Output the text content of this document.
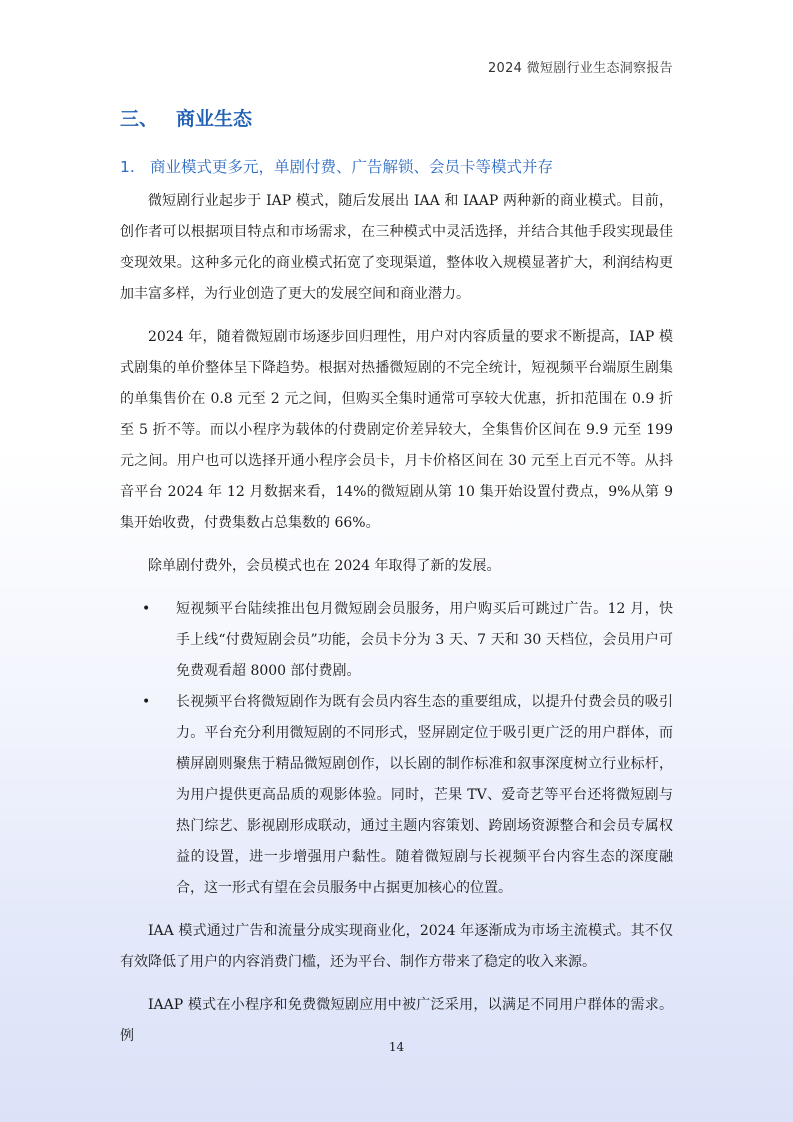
2024 微短剧行业生态洞察报告
三、 商业生态
1. 商业模式更多元，单剧付费、广告解锁、会员卡等模式并存

微短剧行业起步于 IAP 模式，随后发展出 IAA 和 IAAP 两种新的商业模式。目前，创作者可以根据项目特点和市场需求，在三种模式中灵活选择，并结合其他手段实现最佳变现效果。这种多元化的商业模式拓宽了变现渠道，整体收入规模显著扩大，利润结构更加丰富多样，为行业创造了更大的发展空间和商业潜力。

2024 年，随着微短剧市场逐步回归理性，用户对内容质量的要求不断提高，IAP 模式剧集的单价整体呈下降趋势。根据对热播微短剧的不完全统计，短视频平台端原生剧集的单集售价在 0.8 元至 2 元之间，但购买全集时通常可享较大优惠，折扣范围在 0.9 折至 5 折不等。而以小程序为载体的付费剧定价差异较大，全集售价区间在 9.9 元至 199 元之间。用户也可以选择开通小程序会员卡，月卡价格区间在 30 元至上百元不等。从抖音平台 2024 年 12 月数据来看，14%的微短剧从第 10 集开始设置付费点，9%从第 9 集开始收费，付费集数占总集数的 66%。

除单剧付费外，会员模式也在 2024 年取得了新的发展。

• 短视频平台陆续推出包月微短剧会员服务，用户购买后可跳过广告。12 月，快手上线“付费短剧会员”功能，会员卡分为 3 天、7 天和 30 天档位，会员用户可免费观看超 8000 部付费剧。
• 长视频平台将微短剧作为既有会员内容生态的重要组成，以提升付费会员的吸引力。平台充分利用微短剧的不同形式，竖屏剧定位于吸引更广泛的用户群体，而横屏剧则聚焦于精品微短剧创作，以长剧的制作标准和叙事深度树立行业标杆，为用户提供更高品质的观影体验。同时，芒果 TV、爱奇艺等平台还将微短剧与热门综艺、影视剧形成联动，通过主题内容策划、跨剧场资源整合和会员专属权益的设置，进一步增强用户黏性。随着微短剧与长视频平台内容生态的深度融合，这一形式有望在会员服务中占据更加核心的位置。

IAA 模式通过广告和流量分成实现商业化，2024 年逐渐成为市场主流模式。其不仅有效降低了用户的内容消费门槛，还为平台、制作方带来了稳定的收入来源。

IAAP 模式在小程序和免费微短剧应用中被广泛采用，以满足不同用户群体的需求。例

14
